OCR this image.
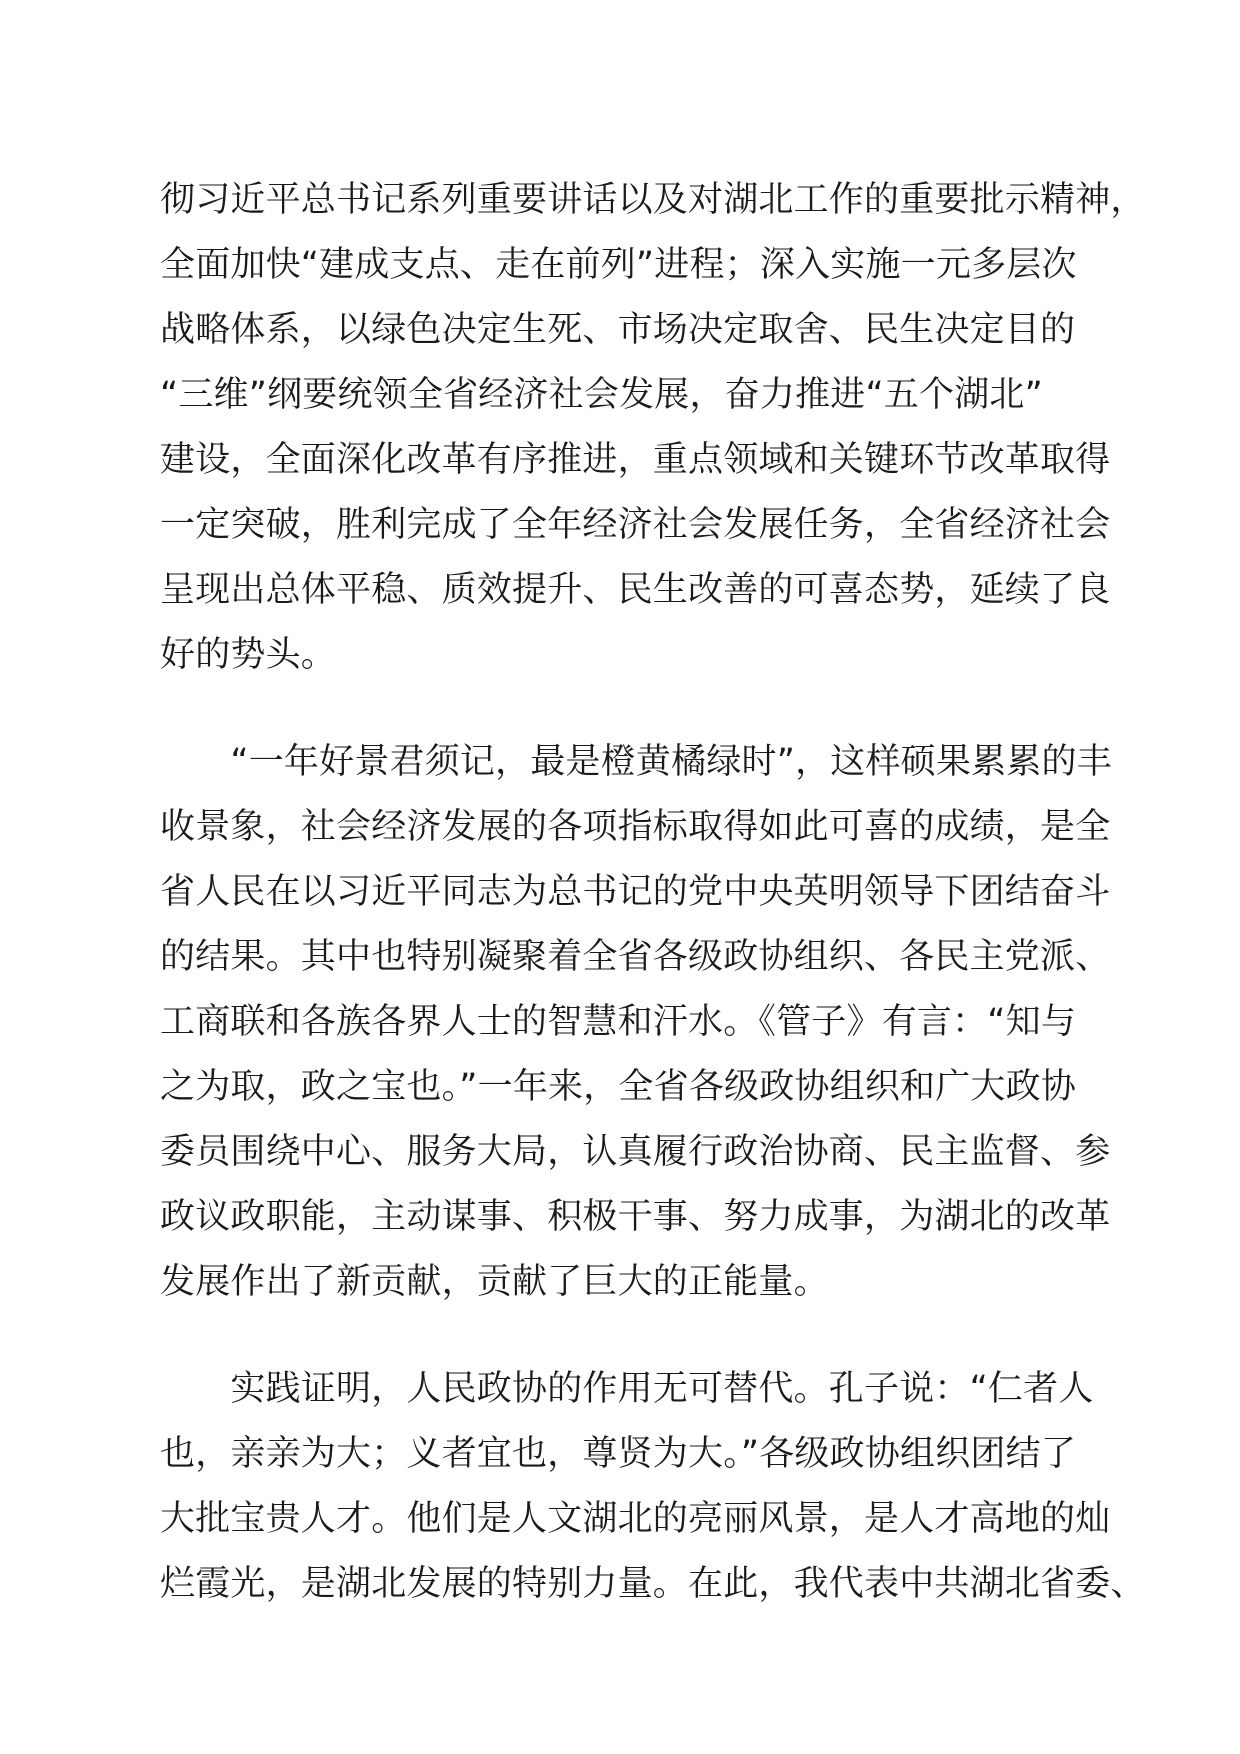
彻习近平总书记系列重要讲话以及对湖北工作的重要批示精神，
全面加快“建成支点、走在前列”进程；深入实施一元多层次
战略体系，以绿色决定生死、市场决定取舍、民生决定目的
“三维”纲要统领全省经济社会发展，奋力推进“五个湖北”
建设，全面深化改革有序推进，重点领域和关键环节改革取得
一定突破，胜利完成了全年经济社会发展任务，全省经济社会
呈现出总体平稳、质效提升、民生改善的可喜态势，延续了良
好的势头。
　　“一年好景君须记，最是橙黄橘绿时”，这样硕果累累的丰
收景象，社会经济发展的各项指标取得如此可喜的成绩，是全
省人民在以习近平同志为总书记的党中央英明领导下团结奋斗
的结果。其中也特别凝聚着全省各级政协组织、各民主党派、
工商联和各族各界人士的智慧和汗水。《管子》有言：“知与
之为取，政之宝也。”一年来，全省各级政协组织和广大政协
委员围绕中心、服务大局，认真履行政治协商、民主监督、参
政议政职能，主动谋事、积极干事、努力成事，为湖北的改革
发展作出了新贡献，贡献了巨大的正能量。
　　实践证明，人民政协的作用无可替代。孔子说：“仁者人
也，亲亲为大；义者宜也，尊贤为大。”各级政协组织团结了
大批宝贵人才。他们是人文湖北的亮丽风景，是人才高地的灿
烂霞光，是湖北发展的特别力量。在此，我代表中共湖北省委、
